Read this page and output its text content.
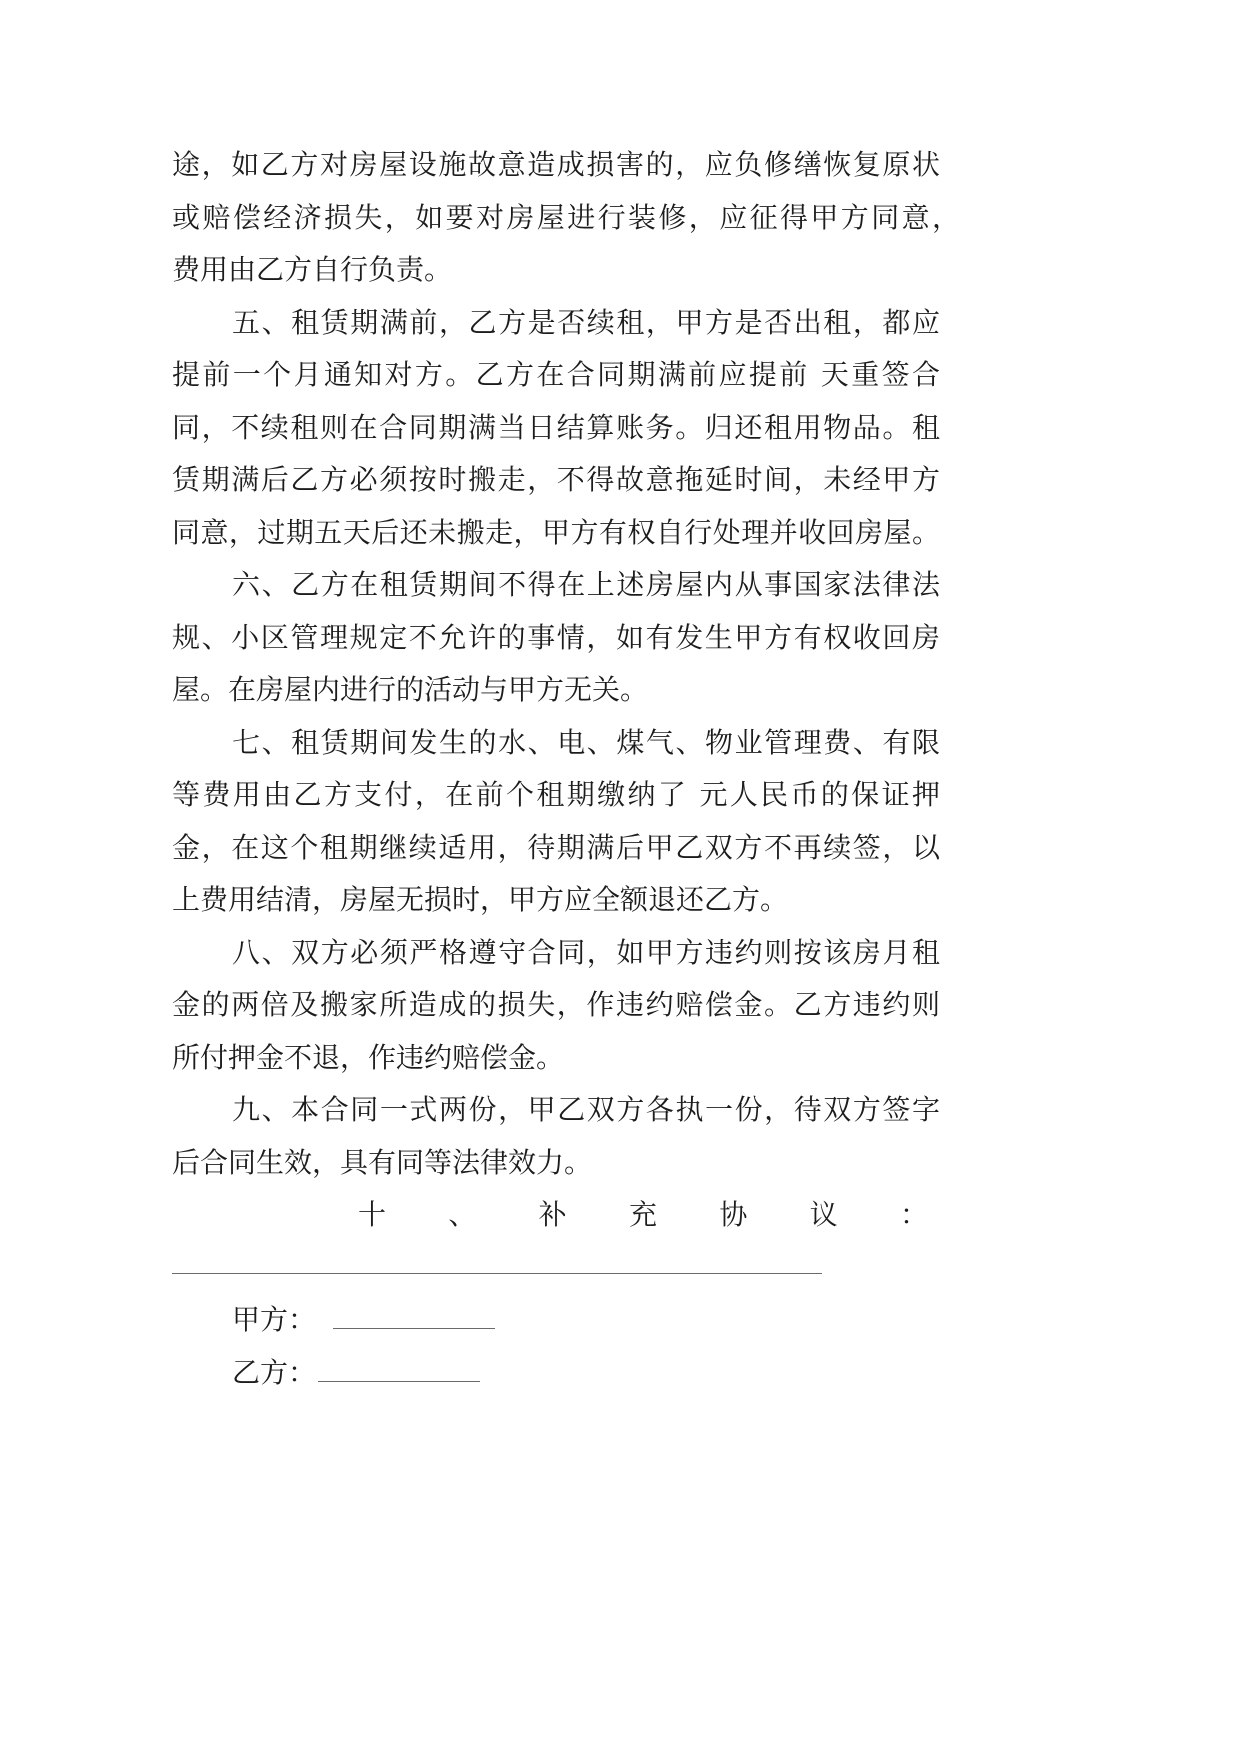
途，如乙方对房屋设施故意造成损害的，应负修缮恢复原状
或赔偿经济损失，如要对房屋进行装修，应征得甲方同意，
费用由乙方自行负责。
五、租赁期满前，乙方是否续租，甲方是否出租，都应
提前一个月通知对方。乙方在合同期满前应提前 天重签合
同，不续租则在合同期满当日结算账务。归还租用物品。租
赁期满后乙方必须按时搬走，不得故意拖延时间，未经甲方
同意，过期五天后还未搬走，甲方有权自行处理并收回房屋。
六、乙方在租赁期间不得在上述房屋内从事国家法律法
规、小区管理规定不允许的事情，如有发生甲方有权收回房
屋。在房屋内进行的活动与甲方无关。
七、租赁期间发生的水、电、煤气、物业管理费、有限
等费用由乙方支付，在前个租期缴纳了 元人民币的保证押
金，在这个租期继续适用，待期满后甲乙双方不再续签，以
上费用结清，房屋无损时，甲方应全额退还乙方。
八、双方必须严格遵守合同，如甲方违约则按该房月租
金的两倍及搬家所造成的损失，作违约赔偿金。乙方违约则
所付押金不退，作违约赔偿金。
九、本合同一式两份，甲乙双方各执一份，待双方签字
后合同生效，具有同等法律效力。
十、补充协议：
甲方：
乙方：
